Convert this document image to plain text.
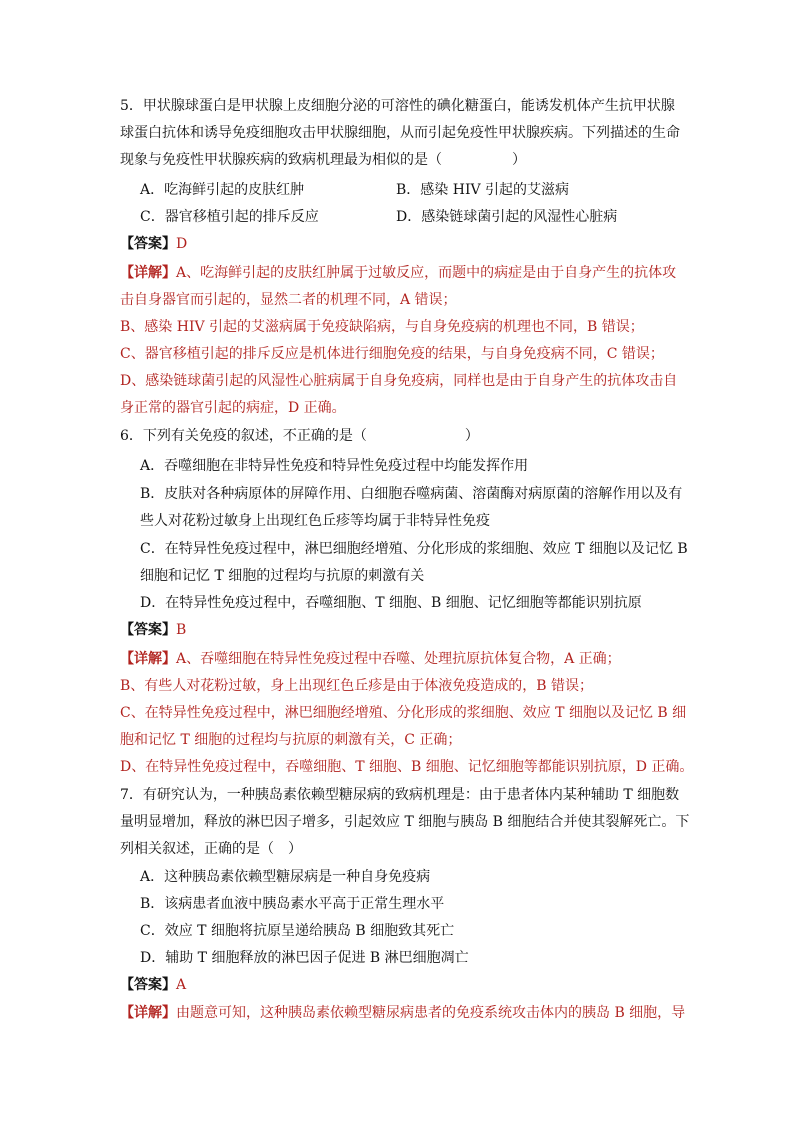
5．甲状腺球蛋白是甲状腺上皮细胞分泌的可溶性的碘化糖蛋白，能诱发机体产生抗甲状腺
球蛋白抗体和诱导免疫细胞攻击甲状腺细胞，从而引起免疫性甲状腺疾病。下列描述的生命
现象与免疫性甲状腺疾病的致病机理最为相似的是（　　　　　）
A．吃海鲜引起的皮肤红肿	B．感染 HIV 引起的艾滋病
C．器官移植引起的排斥反应	D．感染链球菌引起的风湿性心脏病
【答案】D
【详解】A、吃海鲜引起的皮肤红肿属于过敏反应，而题中的病症是由于自身产生的抗体攻
击自身器官而引起的，显然二者的机理不同，A 错误；
B、感染 HIV 引起的艾滋病属于免疫缺陷病，与自身免疫病的机理也不同，B 错误；
C、器官移植引起的排斥反应是机体进行细胞免疫的结果，与自身免疫病不同，C 错误；
D、感染链球菌引起的风湿性心脏病属于自身免疫病，同样也是由于自身产生的抗体攻击自
身正常的器官引起的病症，D 正确。
6．下列有关免疫的叙述，不正确的是（　　　　　　　）
A．吞噬细胞在非特异性免疫和特异性免疫过程中均能发挥作用
B．皮肤对各种病原体的屏障作用、白细胞吞噬病菌、溶菌酶对病原菌的溶解作用以及有
些人对花粉过敏身上出现红色丘疹等均属于非特异性免疫
C．在特异性免疫过程中，淋巴细胞经增殖、分化形成的浆细胞、效应 T 细胞以及记忆 B
细胞和记忆 T 细胞的过程均与抗原的刺激有关
D．在特异性免疫过程中，吞噬细胞、T 细胞、B 细胞、记忆细胞等都能识别抗原
【答案】B
【详解】A、吞噬细胞在特异性免疫过程中吞噬、处理抗原抗体复合物，A 正确；
B、有些人对花粉过敏，身上出现红色丘疹是由于体液免疫造成的，B 错误；
C、在特异性免疫过程中，淋巴细胞经增殖、分化形成的浆细胞、效应 T 细胞以及记忆 B 细
胞和记忆 T 细胞的过程均与抗原的刺激有关，C 正确；
D、在特异性免疫过程中，吞噬细胞、T 细胞、B 细胞、记忆细胞等都能识别抗原，D 正确。
7．有研究认为，一种胰岛素依赖型糖尿病的致病机理是：由于患者体内某种辅助 T 细胞数
量明显增加，释放的淋巴因子增多，引起效应 T 细胞与胰岛 B 细胞结合并使其裂解死亡。下
列相关叙述，正确的是（　）
A．这种胰岛素依赖型糖尿病是一种自身免疫病
B．该病患者血液中胰岛素水平高于正常生理水平
C．效应 T 细胞将抗原呈递给胰岛 B 细胞致其死亡
D．辅助 T 细胞释放的淋巴因子促进 B 淋巴细胞凋亡
【答案】A
【详解】由题意可知，这种胰岛素依赖型糖尿病患者的免疫系统攻击体内的胰岛 B 细胞，导
